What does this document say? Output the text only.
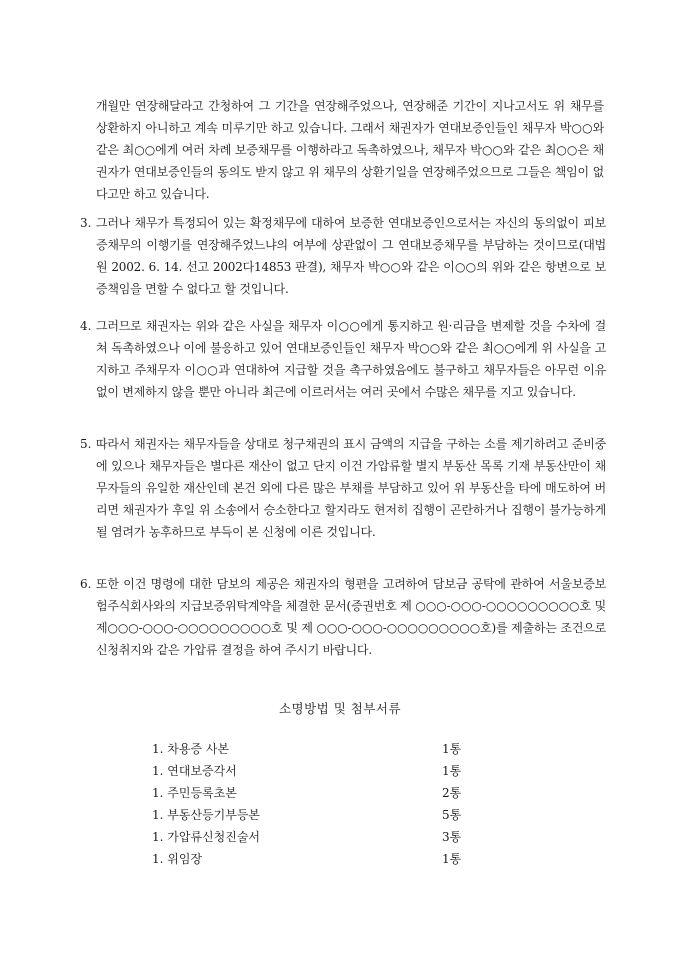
개월만 연장해달라고 간청하여 그 기간을 연장해주었으나, 연장해준 기간이 지나고서도 위 채무를 상환하지 아니하고 계속 미루기만 하고 있습니다. 그래서 채권자가 연대보증인들인 채무자 박○○와 같은 최○○에게 여러 차례 보증채무를 이행하라고 독촉하였으나, 채무자 박○○와 같은 최○○은 채권자가 연대보증인들의 동의도 받지 않고 위 채무의 상환기일을 연장해주었으므로 그들은 책임이 없다고만 하고 있습니다.

3. 그러나 채무가 특정되어 있는 확정채무에 대하여 보증한 연대보증인으로서는 자신의 동의없이 피보증채무의 이행기를 연장해주었느냐의 여부에 상관없이 그 연대보증채무를 부담하는 것이므로(대법원 2002. 6. 14. 선고 2002다14853 판결), 채무자 박○○와 같은 이○○의 위와 같은 항변으로 보증책임을 면할 수 없다고 할 것입니다.

4. 그러므로 채권자는 위와 같은 사실을 채무자 이○○에게 통지하고 원·리금을 변제할 것을 수차에 걸쳐 독촉하였으나 이에 불응하고 있어 연대보증인들인 채무자 박○○와 같은 최○○에게 위 사실을 고지하고 주채무자 이○○과 연대하여 지급할 것을 촉구하였음에도 불구하고 채무자들은 아무런 이유없이 변제하지 않을 뿐만 아니라 최근에 이르러서는 여러 곳에서 수많은 채무를 지고 있습니다.

5. 따라서 채권자는 채무자들을 상대로 청구채권의 표시 금액의 지급을 구하는 소를 제기하려고 준비중에 있으나 채무자들은 별다른 재산이 없고 단지 이건 가압류할 별지 부동산 목록 기재 부동산만이 채무자들의 유일한 재산인데 본건 외에 다른 많은 부채를 부담하고 있어 위 부동산을 타에 매도하여 버리면 채권자가 후일 위 소송에서 승소한다고 할지라도 현저히 집행이 곤란하거나 집행이 불가능하게 될 염려가 농후하므로 부득이 본 신청에 이른 것입니다.

6. 또한 이건 명령에 대한 담보의 제공은 채권자의 형편을 고려하여 담보금 공탁에 관하여 서울보증보험주식회사와의 지급보증위탁계약을 체결한 문서(증권번호 제 ○○○-○○○-○○○○○○○○○호 및제○○○-○○○-○○○○○○○○○호 및 제 ○○○-○○○-○○○○○○○○○호)를 제출하는 조건으로 신청취지와 같은 가압류 결정을 하여 주시기 바랍니다.

소명방법 및 첨부서류

1. 차용증 사본	1통
1. 연대보증각서	1통
1. 주민등록초본	2통
1. 부동산등기부등본	5통
1. 가압류신청진술서	3통
1. 위임장	1통
